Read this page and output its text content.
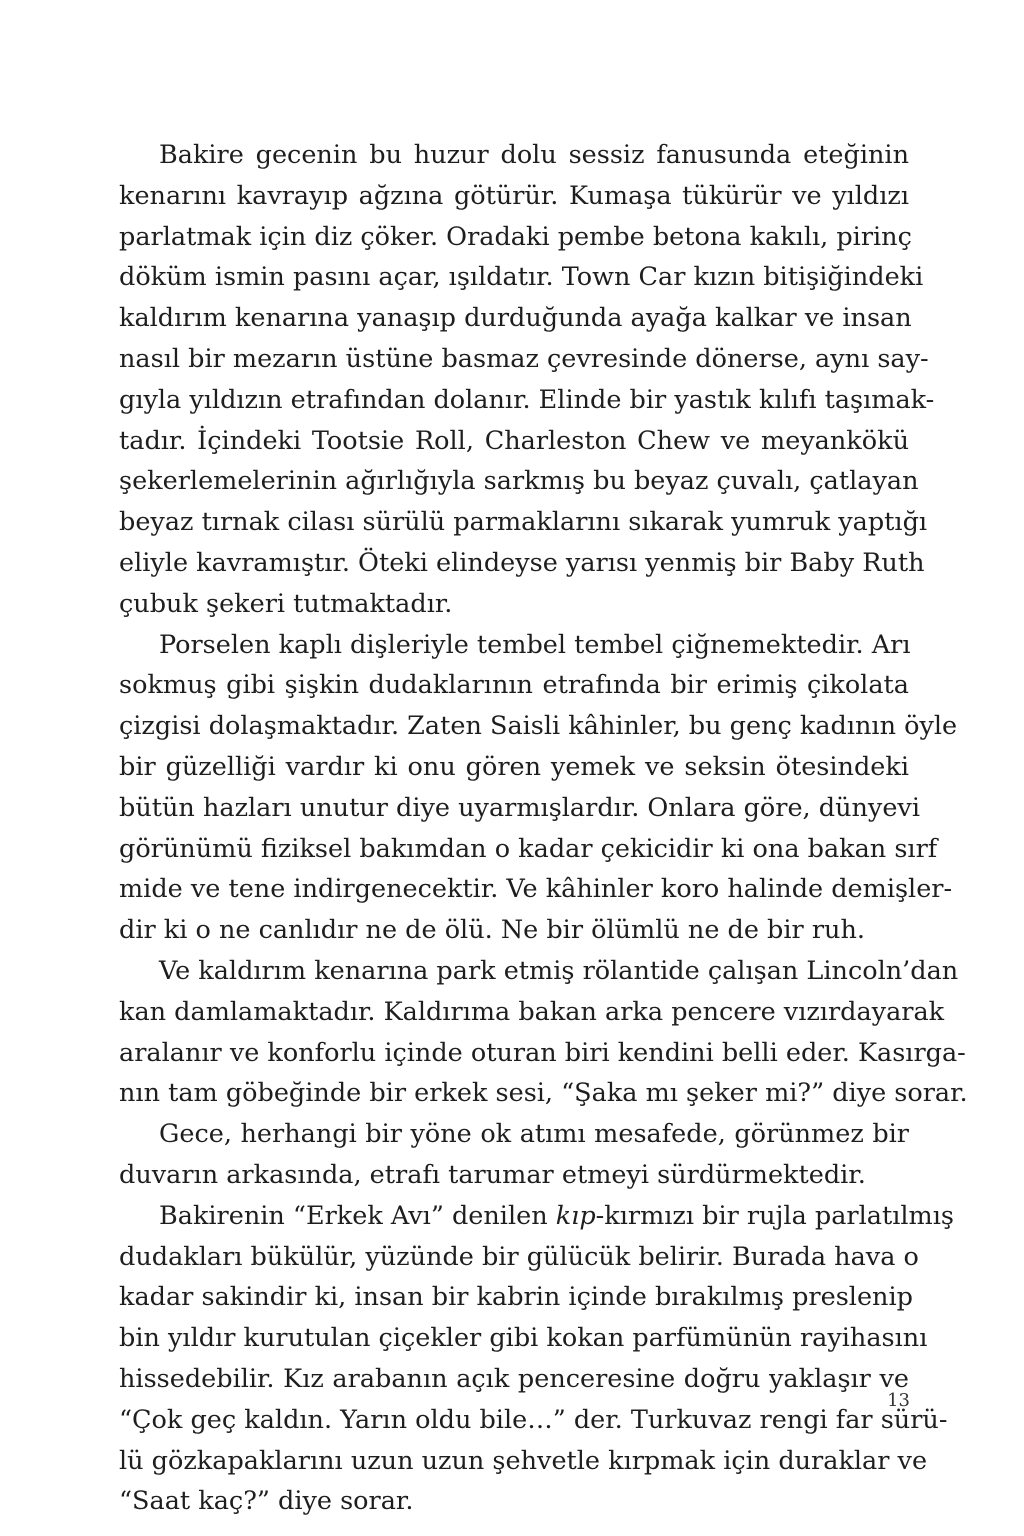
Bakire gecenin bu huzur dolu sessiz fanusunda eteğinin
kenarını kavrayıp ağzına götürür. Kumaşa tükürür ve yıldızı
parlatmak için diz çöker. Oradaki pembe betona kakılı, pirinç
döküm ismin pasını açar, ışıldatır. Town Car kızın bitişiğindeki
kaldırım kenarına yanaşıp durduğunda ayağa kalkar ve insan
nasıl bir mezarın üstüne basmaz çevresinde dönerse, aynı say-
gıyla yıldızın etrafından dolanır. Elinde bir yastık kılıfı taşımak-
tadır. İçindeki Tootsie Roll, Charleston Chew ve meyankökü
şekerlemelerinin ağırlığıyla sarkmış bu beyaz çuvalı, çatlayan
beyaz tırnak cilası sürülü parmaklarını sıkarak yumruk yaptığı
eliyle kavramıştır. Öteki elindeyse yarısı yenmiş bir Baby Ruth
çubuk şekeri tutmaktadır.
Porselen kaplı dişleriyle tembel tembel çiğnemektedir. Arı
sokmuş gibi şişkin dudaklarının etrafında bir erimiş çikolata
çizgisi dolaşmaktadır. Zaten Saisli kâhinler, bu genç kadının öyle
bir güzelliği vardır ki onu gören yemek ve seksin ötesindeki
bütün hazları unutur diye uyarmışlardır. Onlara göre, dünyevi
görünümü fiziksel bakımdan o kadar çekicidir ki ona bakan sırf
mide ve tene indirgenecektir. Ve kâhinler koro halinde demişler-
dir ki o ne canlıdır ne de ölü. Ne bir ölümlü ne de bir ruh.
Ve kaldırım kenarına park etmiş rölantide çalışan Lincoln’dan
kan damlamaktadır. Kaldırıma bakan arka pencere vızırdayarak
aralanır ve konforlu içinde oturan biri kendini belli eder. Kasırga-
nın tam göbeğinde bir erkek sesi, “Şaka mı şeker mi?” diye sorar.
Gece, herhangi bir yöne ok atımı mesafede, görünmez bir
duvarın arkasında, etrafı tarumar etmeyi sürdürmektedir.
Bakirenin “Erkek Avı” denilen kıp-kırmızı bir rujla parlatılmış
dudakları bükülür, yüzünde bir gülücük belirir. Burada hava o
kadar sakindir ki, insan bir kabrin içinde bırakılmış preslenip
bin yıldır kurutulan çiçekler gibi kokan parfümünün rayihasını
hissedebilir. Kız arabanın açık penceresine doğru yaklaşır ve
“Çok geç kaldın. Yarın oldu bile…” der. Turkuvaz rengi far sürü-
lü gözkapaklarını uzun uzun şehvetle kırpmak için duraklar ve
“Saat kaç?” diye sorar.
13
